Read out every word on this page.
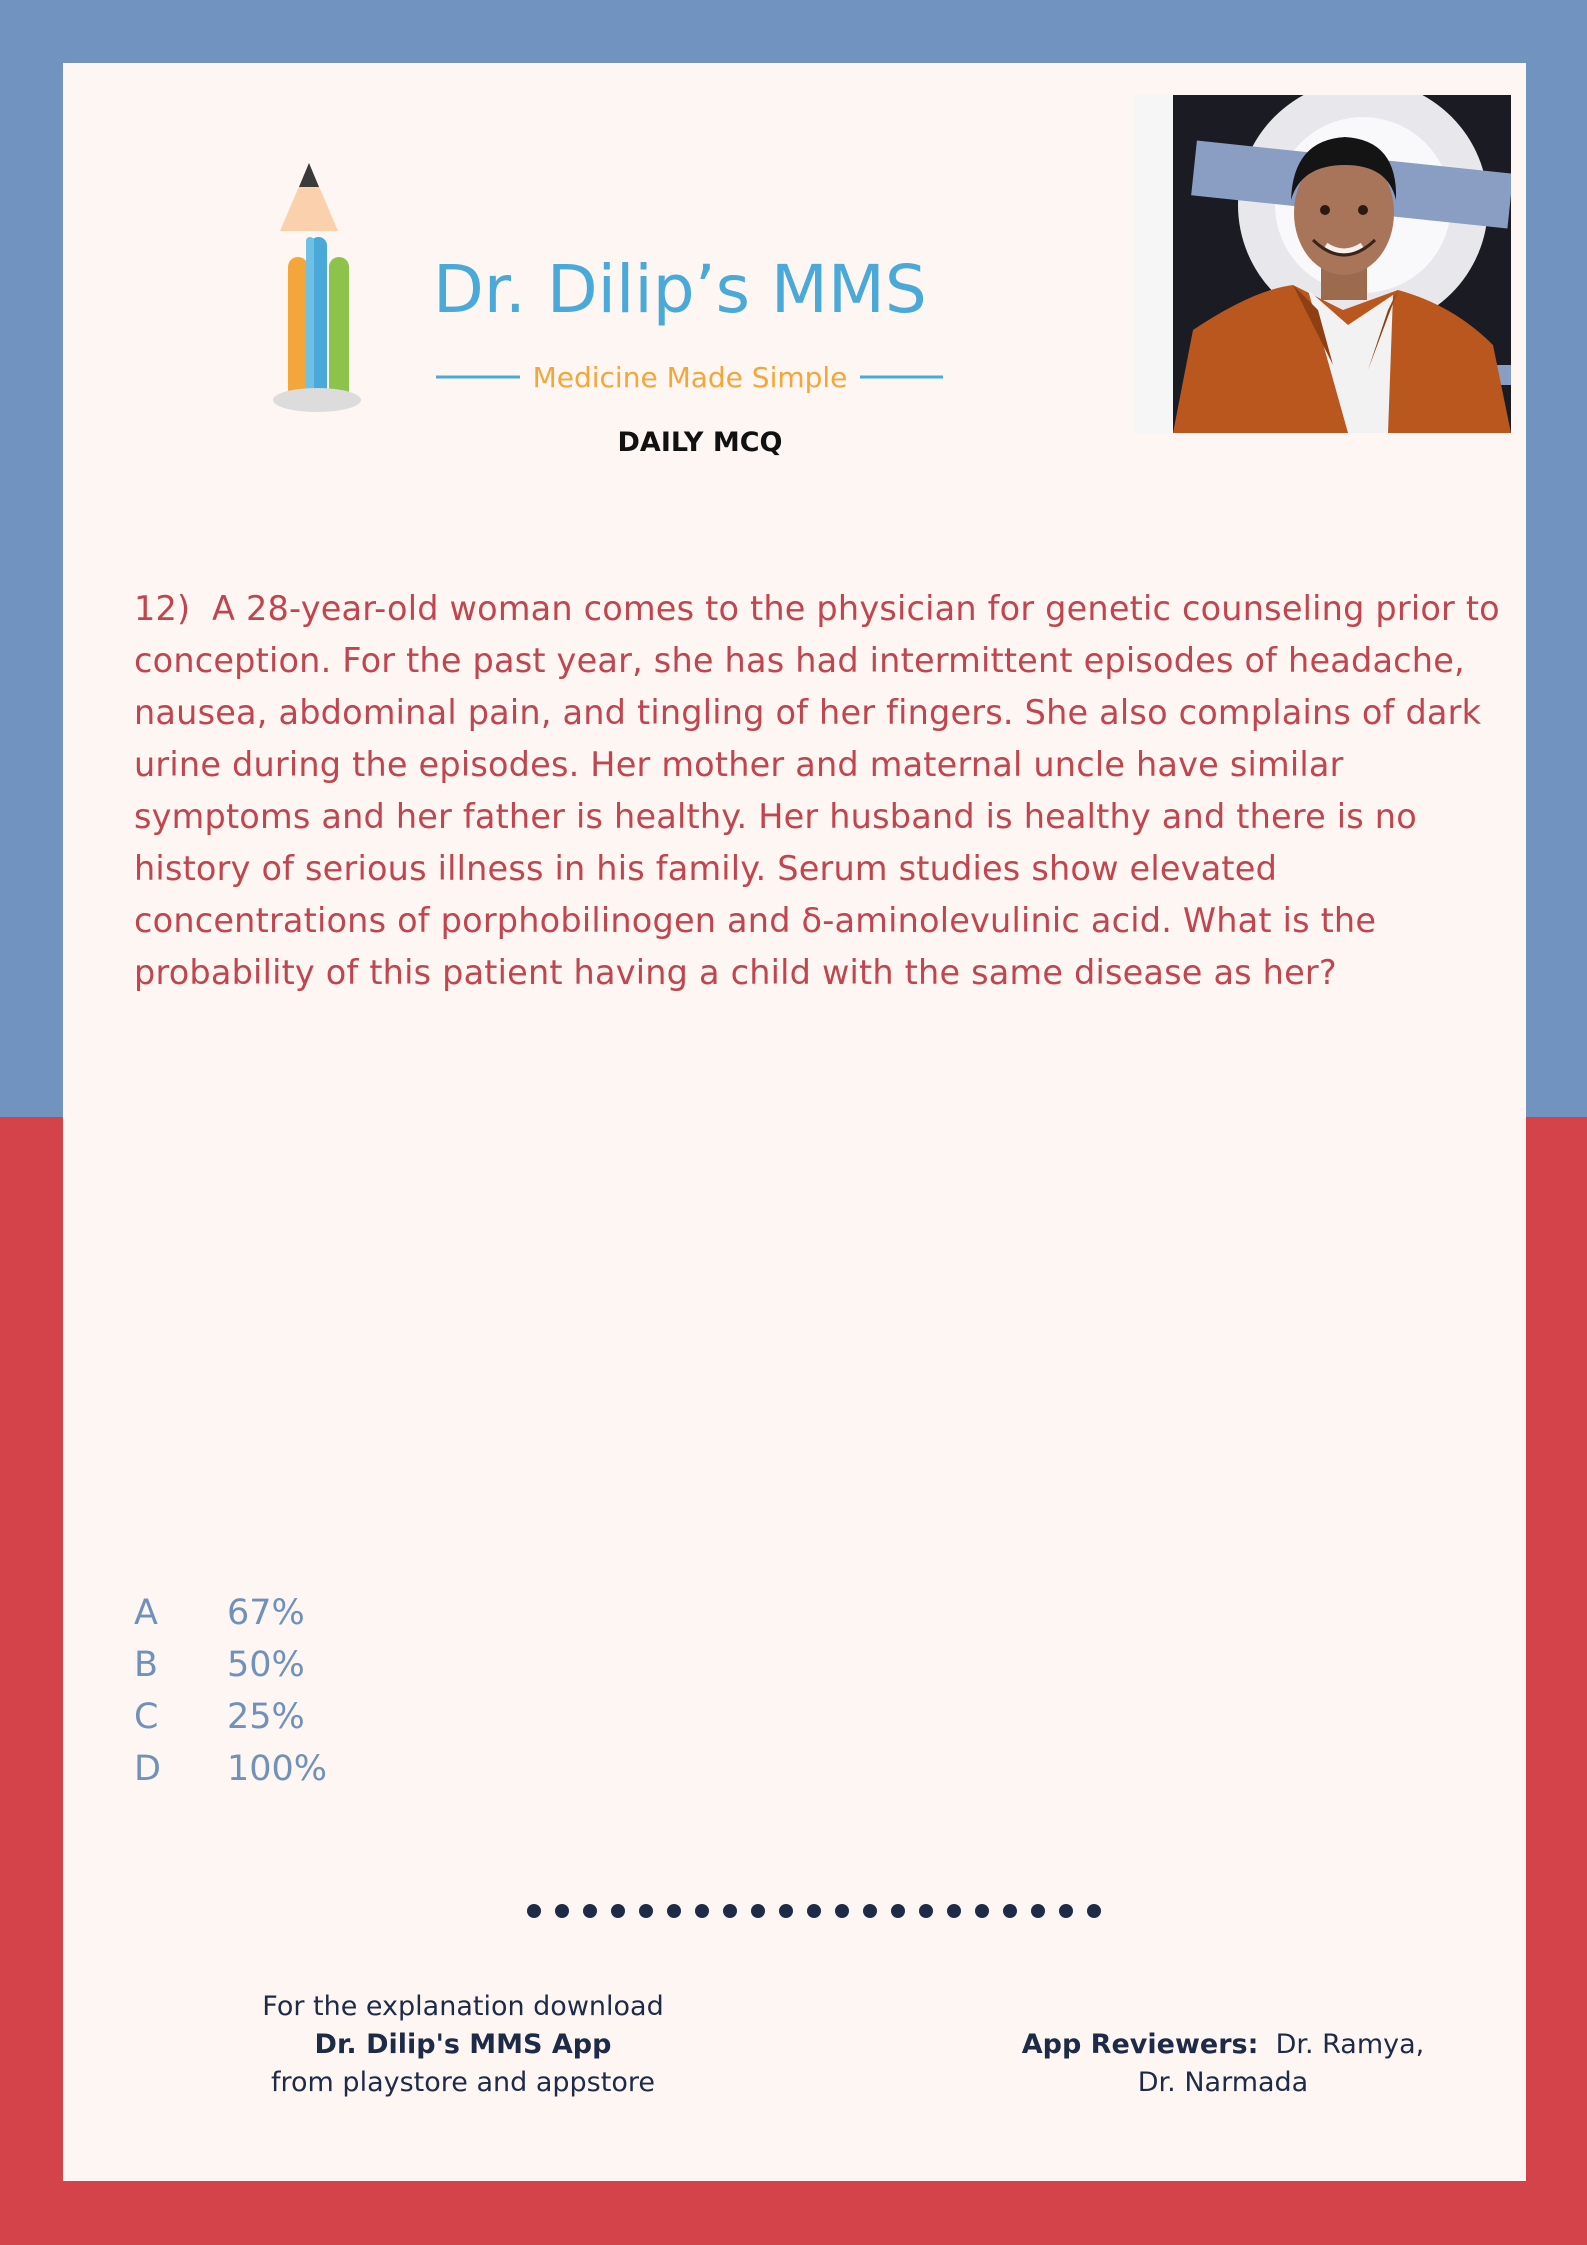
Dr. Dilip’s MMS
Medicine Made Simple
DAILY MCQ
12) A 28-year-old woman comes to the physician for genetic counseling prior to conception. For the past year, she has had intermittent episodes of headache, nausea, abdominal pain, and tingling of her fingers. She also complains of dark urine during the episodes. Her mother and maternal uncle have similar symptoms and her father is healthy. Her husband is healthy and there is no history of serious illness in his family. Serum studies show elevated concentrations of porphobilinogen and δ-aminolevulinic acid. What is the probability of this patient having a child with the same disease as her?
A 67%
B 50%
C 25%
D 100%
For the explanation download
Dr. Dilip's MMS App
from playstore and appstore
App Reviewers: Dr. Ramya,
Dr. Narmada
